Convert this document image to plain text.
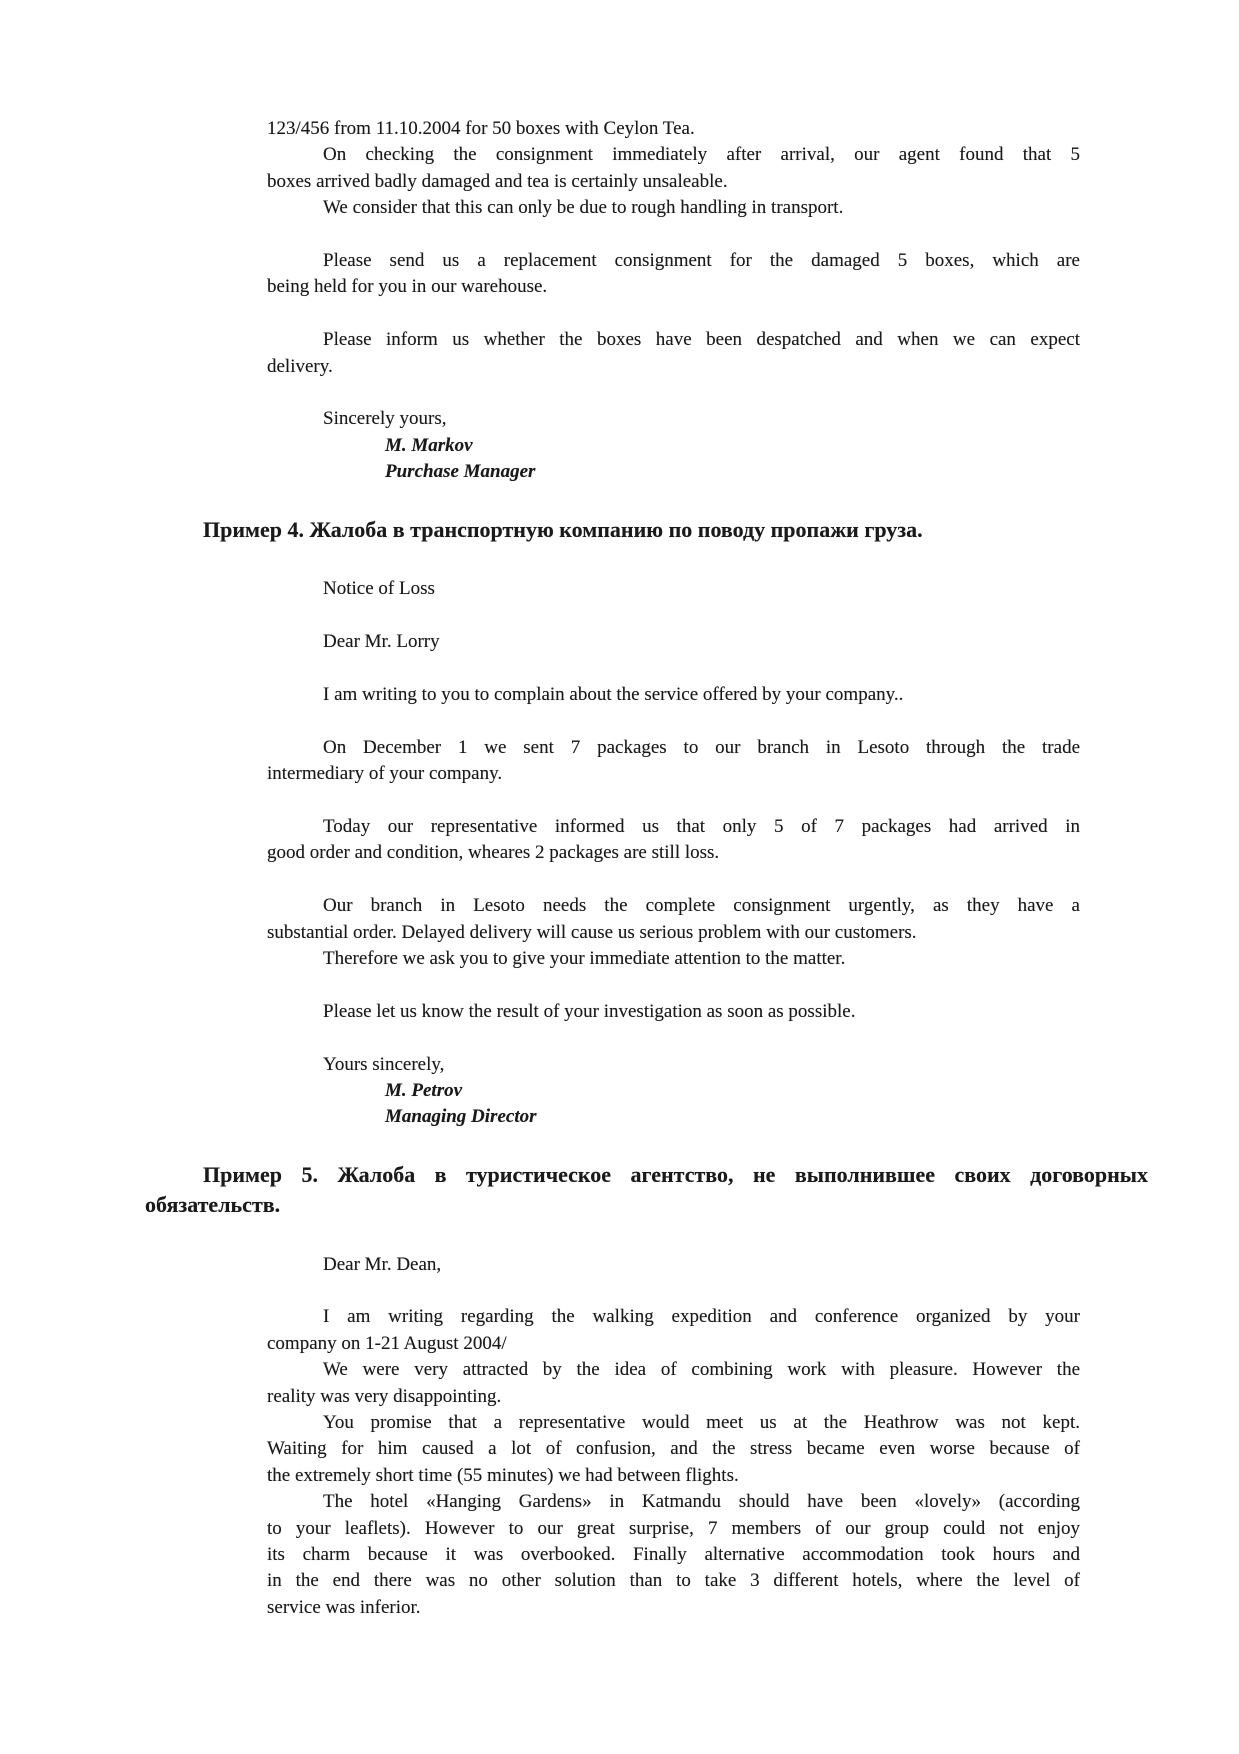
123/456 from 11.10.2004 for 50 boxes with Ceylon Tea.
On checking the consignment immediately after arrival, our agent found that 5
boxes arrived badly damaged and tea is certainly unsaleable.
We consider that this can only be due to rough handling in transport.
Please send us a replacement consignment for the damaged 5 boxes, which are
being held for you in our warehouse.
Please inform us whether the boxes have been despatched and when we can expect
delivery.
Sincerely yours,
M. Markov
Purchase Manager
Пример 4. Жалоба в транспортную компанию по поводу пропажи груза.
Notice of Loss
Dear Mr. Lorry
I am writing to you to complain about the service offered by your company..
On December 1 we sent 7 packages to our branch in Lesoto through the trade
intermediary of your company.
Today our representative informed us that only 5 of 7 packages had arrived in
good order and condition, wheares 2 packages are still loss.
Our branch in Lesoto needs the complete consignment urgently, as they have a
substantial order. Delayed delivery will cause us serious problem with our customers.
Therefore we ask you to give your immediate attention to the matter.
Please let us know the result of your investigation as soon as possible.
Yours sincerely,
M. Petrov
Managing Director
Пример 5. Жалоба в туристическое агентство, не выполнившее своих договорных
обязательств.
Dear Mr. Dean,
I am writing regarding the walking expedition and conference organized by your
company on 1-21 August 2004/
We were very attracted by the idea of combining work with pleasure. However the
reality was very disappointing.
You promise that a representative would meet us at the Heathrow was not kept.
Waiting for him caused a lot of confusion, and the stress became even worse because of
the extremely short time (55 minutes) we had between flights.
The hotel «Hanging Gardens» in Katmandu should have been «lovely» (according
to your leaflets). However to our great surprise, 7 members of our group could not enjoy
its charm because it was overbooked. Finally alternative accommodation took hours and
in the end there was no other solution than to take 3 different hotels, where the level of
service was inferior.
